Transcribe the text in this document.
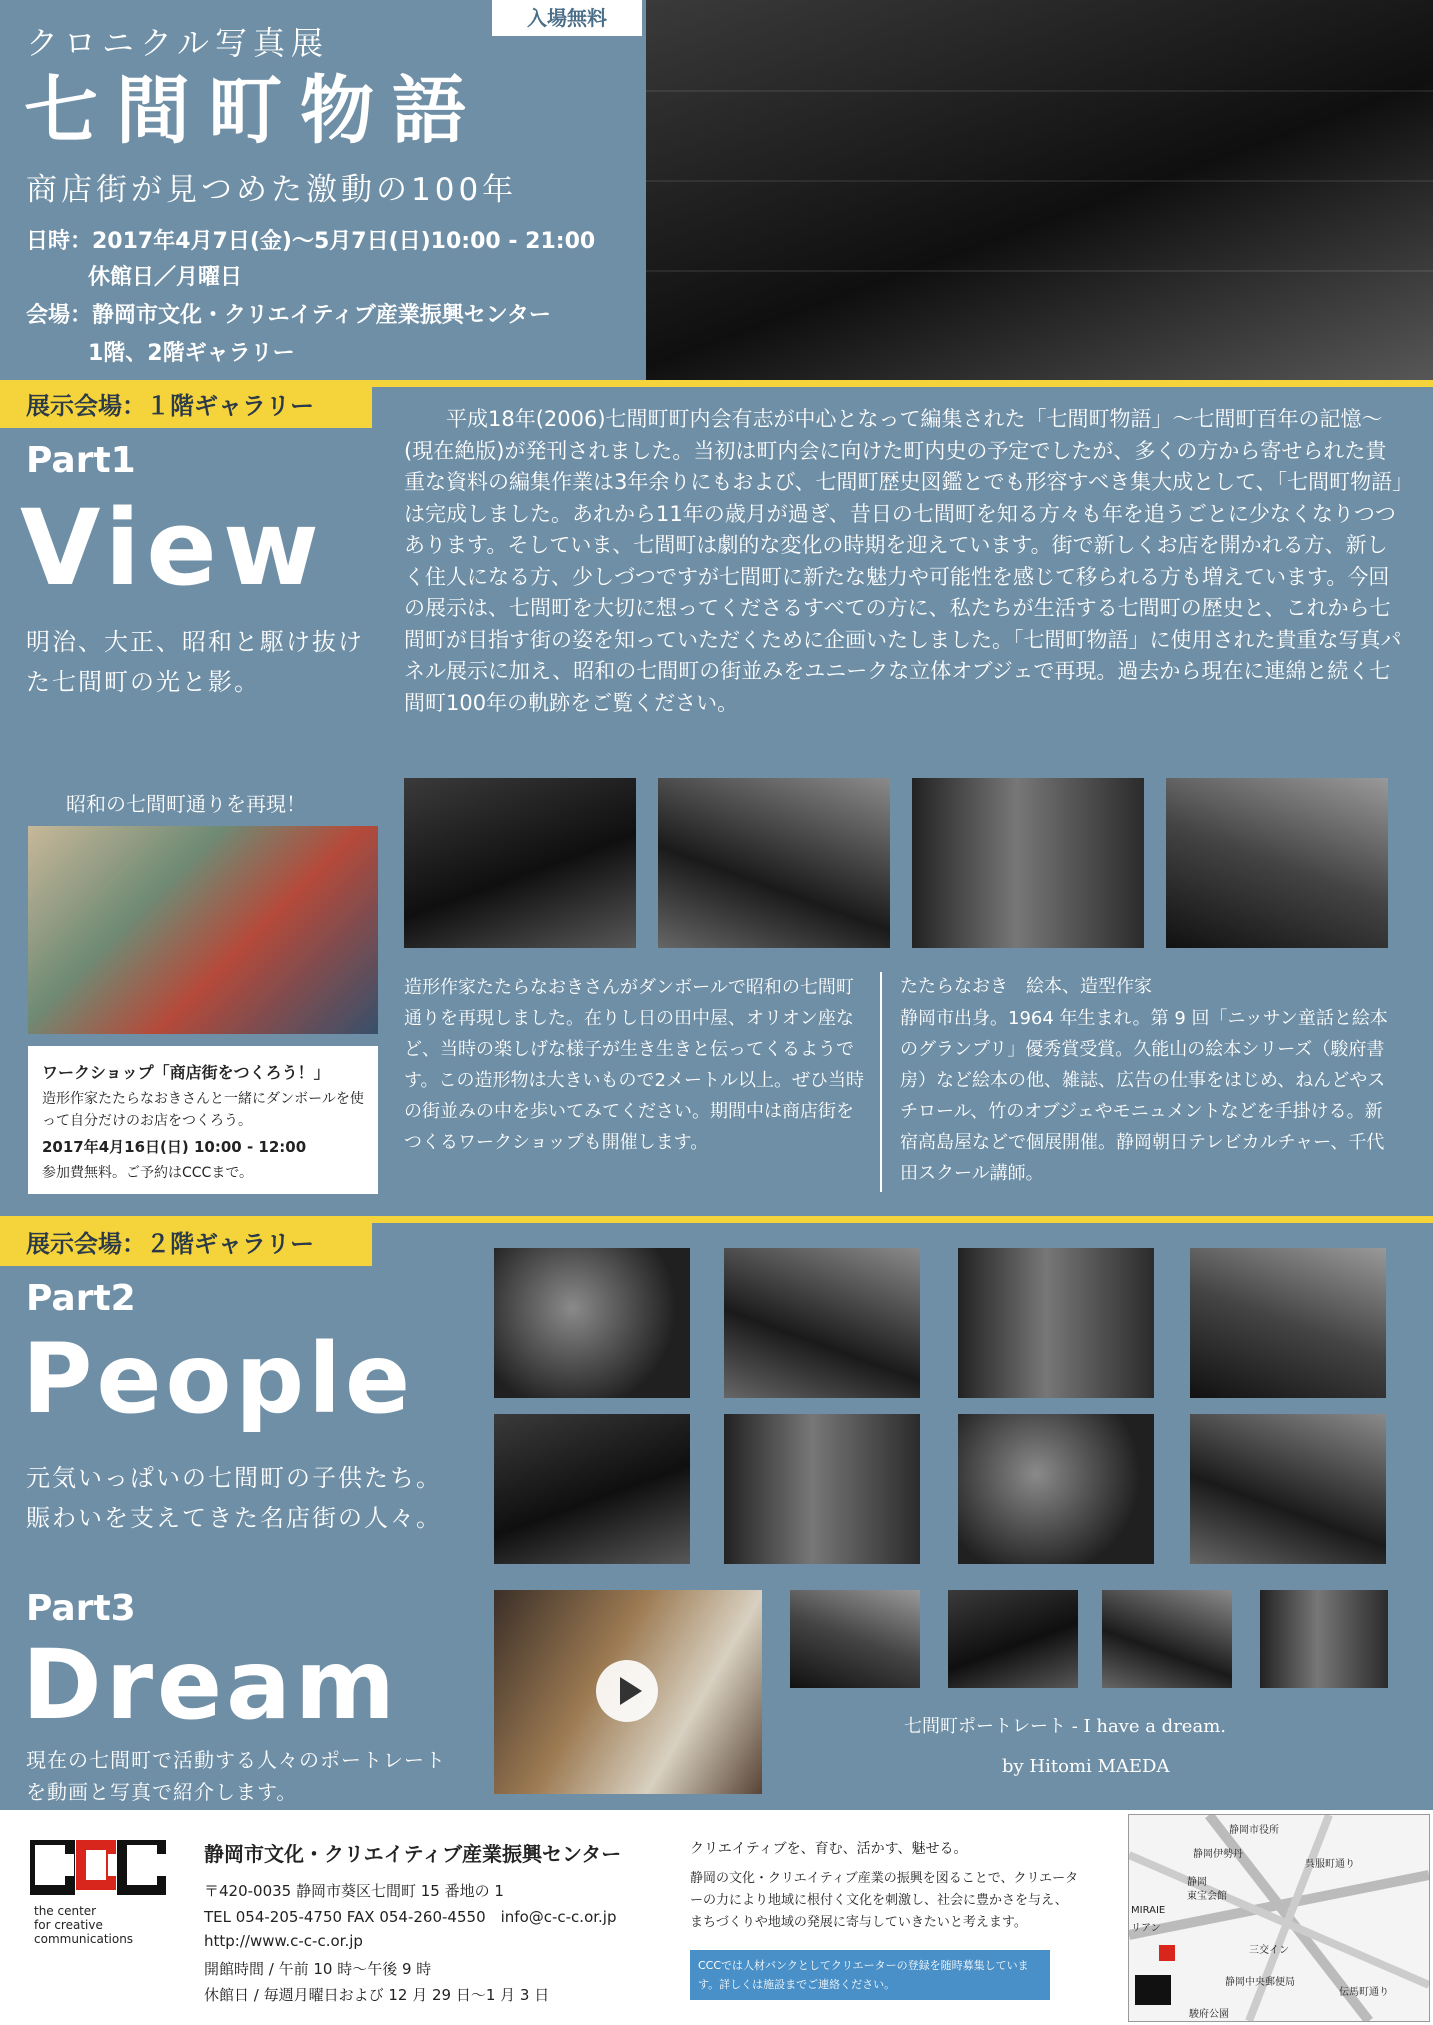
クロニクル写真展
七間町物語
商店街が見つめた激動の100年
日時：2017年4月7日(金)～5月7日(日)10:00 - 21:00
休館日／月曜日
会場：静岡市文化・クリエイティブ産業振興センター
1階、2階ギャラリー
入場無料
展示会場：１階ギャラリー
Part1
View
明治、大正、昭和と駆け抜けた七間町の光と影。
平成18年(2006)七間町町内会有志が中心となって編集された「七間町物語」～七間町百年の記憶～(現在絶版)が発刊されました。当初は町内会に向けた町内史の予定でしたが、多くの方から寄せられた貴重な資料の編集作業は3年余りにもおよび、七間町歴史図鑑とでも形容すべき集大成として、「七間町物語」は完成しました。あれから11年の歳月が過ぎ、昔日の七間町を知る方々も年を追うごとに少なくなりつつあります。そしていま、七間町は劇的な変化の時期を迎えています。街で新しくお店を開かれる方、新しく住人になる方、少しづつですが七間町に新たな魅力や可能性を感じて移られる方も増えています。今回の展示は、七間町を大切に想ってくださるすべての方に、私たちが生活する七間町の歴史と、これから七間町が目指す街の姿を知っていただくために企画いたしました。「七間町物語」に使用された貴重な写真パネル展示に加え、昭和の七間町の街並みをユニークな立体オブジェで再現。過去から現在に連綿と続く七間町100年の軌跡をご覧ください。
昭和の七間町通りを再現！
ワークショップ「商店街をつくろう！」
造形作家たたらなおきさんと一緒にダンボールを使って自分だけのお店をつくろう。
2017年4月16日(日) 10:00 - 12:00
参加費無料。ご予約はCCCまで。
造形作家たたらなおきさんがダンボールで昭和の七間町通りを再現しました。在りし日の田中屋、オリオン座など、当時の楽しげな様子が生き生きと伝ってくるようです。この造形物は大きいもので2メートル以上。ぜひ当時の街並みの中を歩いてみてください。期間中は商店街をつくるワークショップも開催します。
たたらなおき　絵本、造型作家
静岡市出身。1964 年生まれ。第 9 回「ニッサン童話と絵本のグランプリ」優秀賞受賞。久能山の絵本シリーズ（駿府書房）など絵本の他、雑誌、広告の仕事をはじめ、ねんどやスチロール、竹のオブジェやモニュメントなどを手掛ける。新宿高島屋などで個展開催。静岡朝日テレビカルチャー、千代田スクール講師。
展示会場：２階ギャラリー
Part2
People
元気いっぱいの七間町の子供たち。
賑わいを支えてきた名店街の人々。
Part3
Dream
現在の七間町で活動する人々のポートレート
を動画と写真で紹介します。
七間町ポートレート - I have a dream.
by Hitomi MAEDA
the center
for creative
communications
静岡市文化・クリエイティブ産業振興センター
〒420-0035 静岡市葵区七間町 15 番地の 1
TEL 054-205-4750 FAX 054-260-4550　info@c-c-c.or.jp
http://www.c-c-c.or.jp
開館時間 / 午前 10 時～午後 9 時
休館日 / 毎週月曜日および 12 月 29 日～1 月 3 日
クリエイティブを、育む、活かす、魅せる。
静岡の文化・クリエイティブ産業の振興を図ることで、クリエーターの力により地域に根付く文化を刺激し、社会に豊かさを与え、まちづくりや地域の発展に寄与していきたいと考えます。
CCCでは人材バンクとしてクリエーターの登録を随時募集しています。詳しくは施設までご連絡ください。
静岡市役所
静岡伊勢丹
静岡
東宝会館
MIRAIE
リアン
三交イン
静岡中央郵便局
呉服町通り
伝馬町通り
駿府公園
